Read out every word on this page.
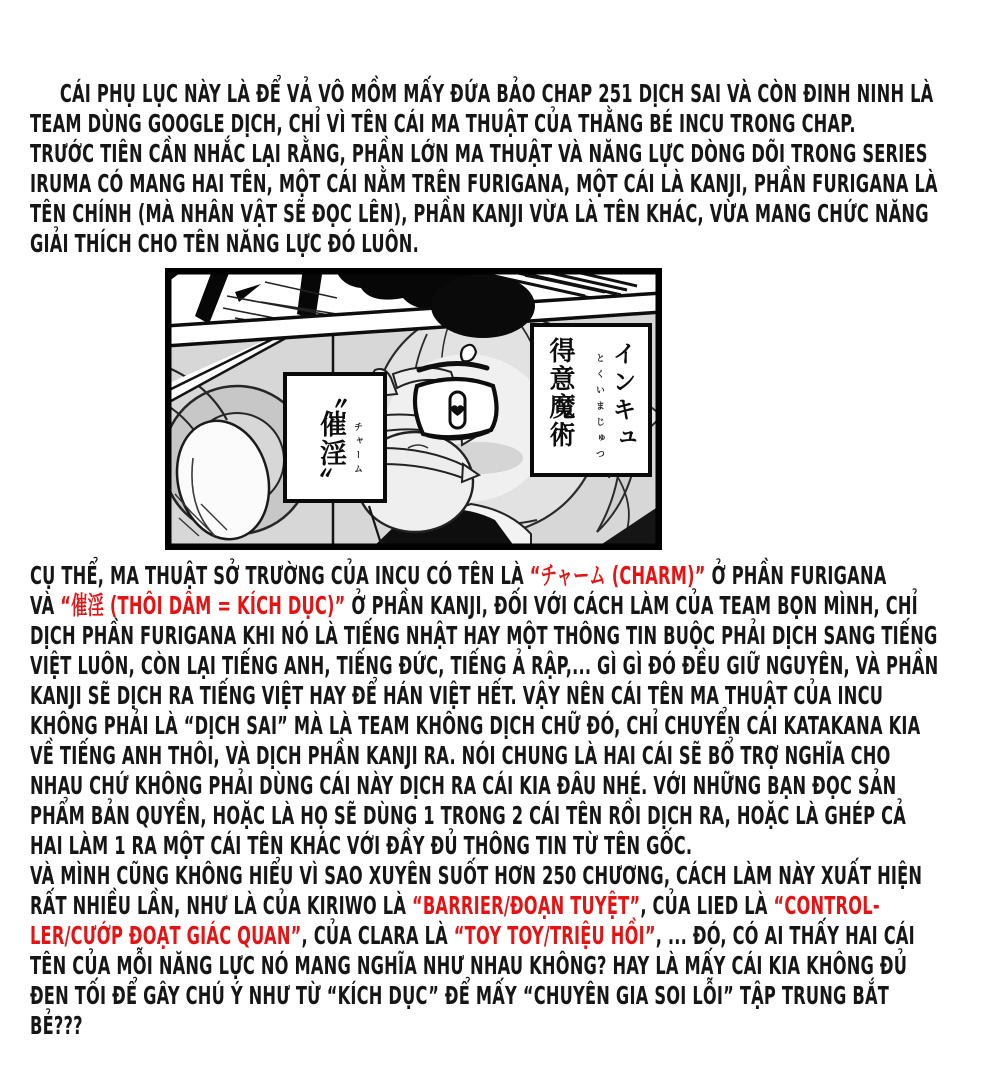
CÁI PHỤ LỤC NÀY LÀ ĐỂ VẢ VÔ MỒM MẤY ĐỨA BẢO CHAP 251 DỊCH SAI VÀ CÒN ĐINH NINH LÀ
TEAM DÙNG GOOGLE DỊCH, CHỈ VÌ TÊN CÁI MA THUẬT CỦA THẰNG BÉ INCU TRONG CHAP.
TRƯỚC TIÊN CẦN NHẮC LẠI RẰNG, PHẦN LỚN MA THUẬT VÀ NĂNG LỰC DÒNG DÕI TRONG SERIES
IRUMA CÓ MANG HAI TÊN, MỘT CÁI NẰM TRÊN FURIGANA, MỘT CÁI LÀ KANJI, PHẦN FURIGANA LÀ
TÊN CHÍNH (MÀ NHÂN VẬT SẼ ĐỌC LÊN), PHẦN KANJI VỪA LÀ TÊN KHÁC, VỪA MANG CHỨC NĂNG
GIẢI THÍCH CHO TÊN NĂNG LỰC ĐÓ LUÔN.
インキュ
とくいまじゅつ
得意魔術
〝催淫〟 チャーム
CỤ THỂ, MA THUẬT SỞ TRƯỜNG CỦA INCU CÓ TÊN LÀ “チャーム (CHARM)” Ở PHẦN FURIGANA
VÀ “催淫 (THÔI DÂM = KÍCH DỤC)” Ở PHẦN KANJI, ĐỐI VỚI CÁCH LÀM CỦA TEAM BỌN MÌNH, CHỈ
DỊCH PHẦN FURIGANA KHI NÓ LÀ TIẾNG NHẬT HAY MỘT THÔNG TIN BUỘC PHẢI DỊCH SANG TIẾNG
VIỆT LUÔN, CÒN LẠI TIẾNG ANH, TIẾNG ĐỨC, TIẾNG Ả RẬP,... GÌ GÌ ĐÓ ĐỀU GIỮ NGUYÊN, VÀ PHẦN
KANJI SẼ DỊCH RA TIẾNG VIỆT HAY ĐỂ HÁN VIỆT HẾT. VẬY NÊN CÁI TÊN MA THUẬT CỦA INCU
KHÔNG PHẢI LÀ “DỊCH SAI” MÀ LÀ TEAM KHÔNG DỊCH CHỮ ĐÓ, CHỈ CHUYỂN CÁI KATAKANA KIA
VỀ TIẾNG ANH THÔI, VÀ DỊCH PHẦN KANJI RA. NÓI CHUNG LÀ HAI CÁI SẼ BỔ TRỢ NGHĨA CHO
NHAU CHỨ KHÔNG PHẢI DÙNG CÁI NÀY DỊCH RA CÁI KIA ĐÂU NHÉ. VỚI NHỮNG BẠN ĐỌC SẢN
PHẨM BẢN QUYỀN, HOẶC LÀ HỌ SẼ DÙNG 1 TRONG 2 CÁI TÊN RỒI DỊCH RA, HOẶC LÀ GHÉP CẢ
HAI LÀM 1 RA MỘT CÁI TÊN KHÁC VỚI ĐẦY ĐỦ THÔNG TIN TỪ TÊN GỐC.
VÀ MÌNH CŨNG KHÔNG HIỂU VÌ SAO XUYÊN SUỐT HƠN 250 CHƯƠNG, CÁCH LÀM NÀY XUẤT HIỆN
RẤT NHIỀU LẦN, NHƯ LÀ CỦA KIRIWO LÀ “BARRIER/ĐOẠN TUYỆT”, CỦA LIED LÀ “CONTROL-
LER/CƯỚP ĐOẠT GIÁC QUAN”, CỦA CLARA LÀ “TOY TOY/TRIỆU HỒI”, ... ĐÓ, CÓ AI THẤY HAI CÁI
TÊN CỦA MỖI NĂNG LỰC NÓ MANG NGHĨA NHƯ NHAU KHÔNG? HAY LÀ MẤY CÁI KIA KHÔNG ĐỦ
ĐEN TỐI ĐỂ GÂY CHÚ Ý NHƯ TỪ “KÍCH DỤC” ĐỂ MẤY “CHUYÊN GIA SOI LỖI” TẬP TRUNG BẮT
BẺ???
